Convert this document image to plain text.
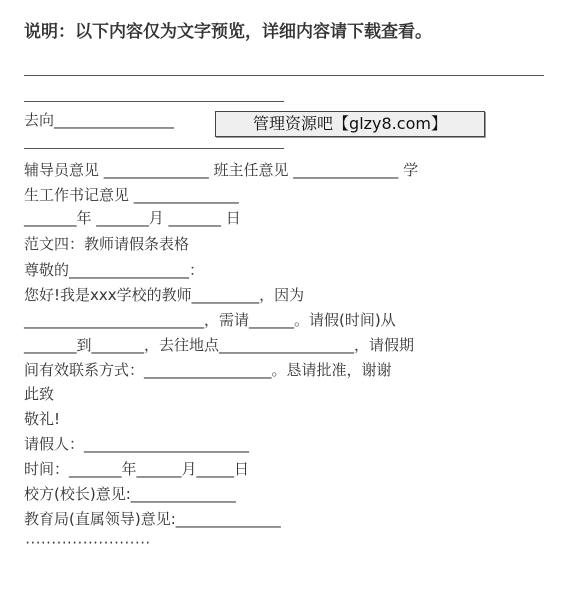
说明：以下内容仅为文字预览，详细内容请下载查看。
去向________________	管理资源吧【glzy8.com】
辅导员意见 ______________ 班主任意见 ______________ 学
生工作书记意见 ______________
_______年 _______月 _______ 日
范文四：教师请假条表格
尊敬的________________：
您好!我是xxx学校的教师_________，因为
________________________，需请______。请假(时间)从
_______到_______，去往地点__________________，请假期
间有效联系方式：_________________。恳请批准，谢谢
此致
敬礼!
请假人：______________________
时间：_______年______月_____日
校方(校长)意见:______________
教育局(直属领导)意见:______________
························
